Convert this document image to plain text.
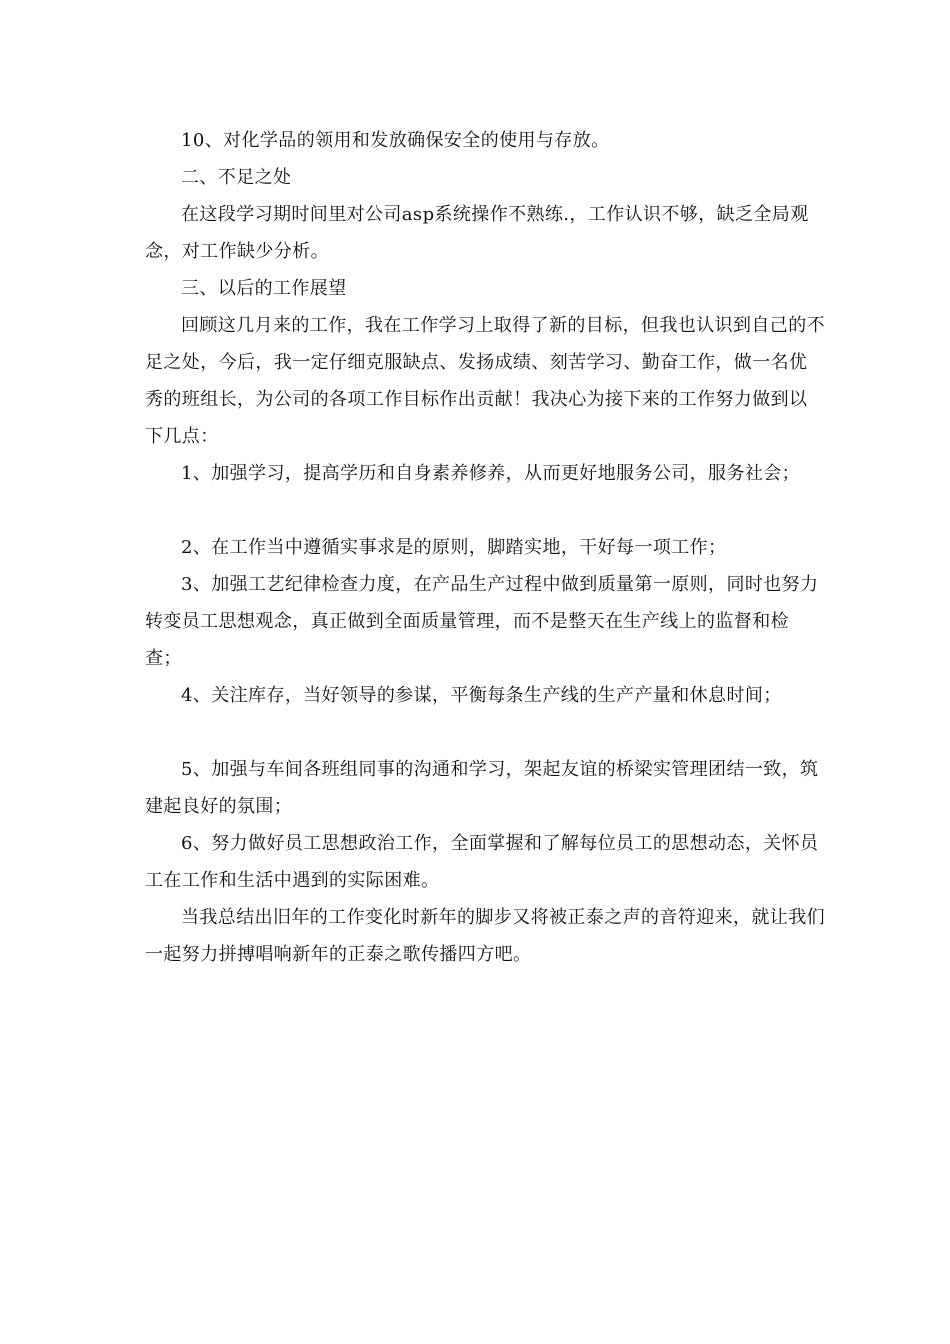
10、对化学品的领用和发放确保安全的使用与存放。

二、不足之处

在这段学习期时间里对公司asp系统操作不熟练.，工作认识不够，缺乏全局观念，对工作缺少分析。

三、以后的工作展望

回顾这几月来的工作，我在工作学习上取得了新的目标，但我也认识到自己的不足之处，今后，我一定仔细克服缺点、发扬成绩、刻苦学习、勤奋工作，做一名优秀的班组长，为公司的各项工作目标作出贡献！我决心为接下来的工作努力做到以下几点：

1、加强学习，提高学历和自身素养修养，从而更好地服务公司，服务社会；

2、在工作当中遵循实事求是的原则，脚踏实地，干好每一项工作；

3、加强工艺纪律检查力度，在产品生产过程中做到质量第一原则，同时也努力转变员工思想观念，真正做到全面质量管理，而不是整天在生产线上的监督和检查；

4、关注库存，当好领导的参谋，平衡每条生产线的生产产量和休息时间；

5、加强与车间各班组同事的沟通和学习，架起友谊的桥梁实管理团结一致，筑建起良好的氛围；

6、努力做好员工思想政治工作，全面掌握和了解每位员工的思想动态，关怀员工在工作和生活中遇到的实际困难。

当我总结出旧年的工作变化时新年的脚步又将被正泰之声的音符迎来，就让我们一起努力拼搏唱响新年的正泰之歌传播四方吧。
